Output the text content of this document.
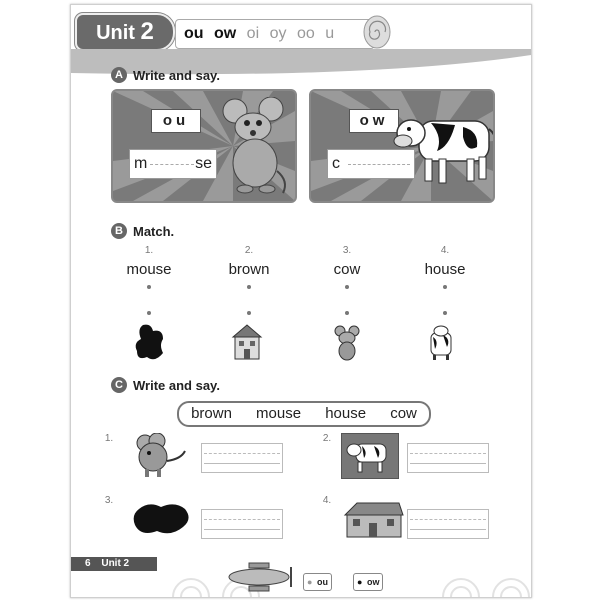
Unit 2	ou ow oi oy oo u
A Write and say.
ou
m	se
ow
c
B Match.
1.	2.	3.	4.
mouse	brown	cow	house
C Write and say.
brown mouse house cow
1.	2.
3.	4.
6 Unit 2
● ou	● ow
